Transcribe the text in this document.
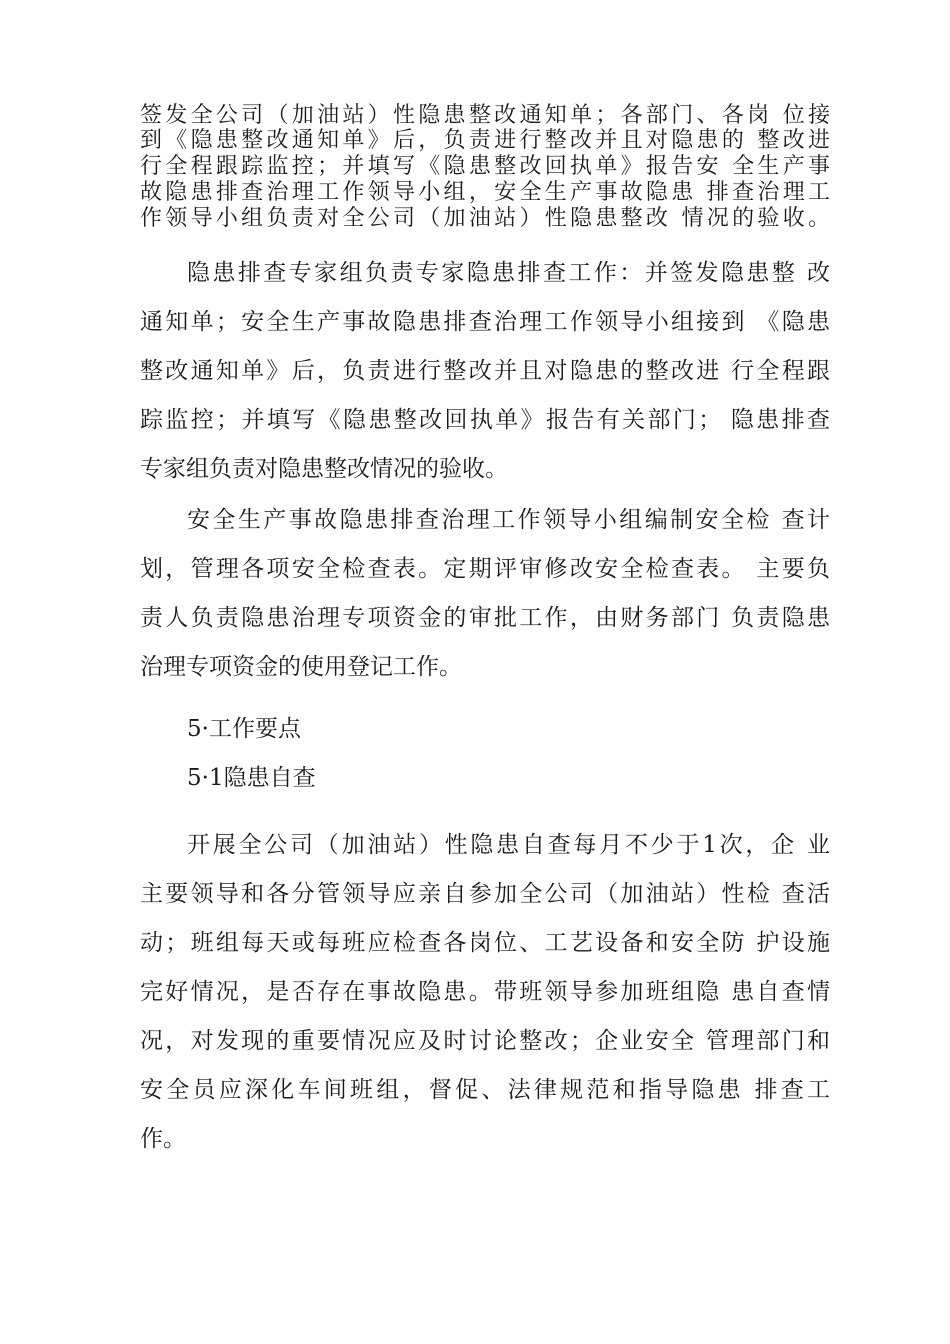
签发全公司（加油站）性隐患整改通知单；各部门、各岗 位接
到《隐患整改通知单》后，负责进行整改并且对隐患的 整改进
行全程跟踪监控；并填写《隐患整改回执单》报告安 全生产事
故隐患排查治理工作领导小组，安全生产事故隐患 排查治理工
作领导小组负责对全公司（加油站）性隐患整改 情况的验收。
隐患排查专家组负责专家隐患排查工作：并签发隐患整 改
通知单；安全生产事故隐患排查治理工作领导小组接到 《隐患
整改通知单》后，负责进行整改并且对隐患的整改进 行全程跟
踪监控；并填写《隐患整改回执单》报告有关部门； 隐患排查
专家组负责对隐患整改情况的验收。
安全生产事故隐患排查治理工作领导小组编制安全检 查计
划，管理各项安全检查表。定期评审修改安全检查表。 主要负
责人负责隐患治理专项资金的审批工作，由财务部门 负责隐患
治理专项资金的使用登记工作。
5·工作要点
5·1隐患自查
开展全公司（加油站）性隐患自查每月不少于1次，企 业
主要领导和各分管领导应亲自参加全公司（加油站）性检 查活
动；班组每天或每班应检查各岗位、工艺设备和安全防 护设施
完好情况，是否存在事故隐患。带班领导参加班组隐 患自查情
况，对发现的重要情况应及时讨论整改；企业安全 管理部门和
安全员应深化车间班组，督促、法律规范和指导隐患 排查工
作。
